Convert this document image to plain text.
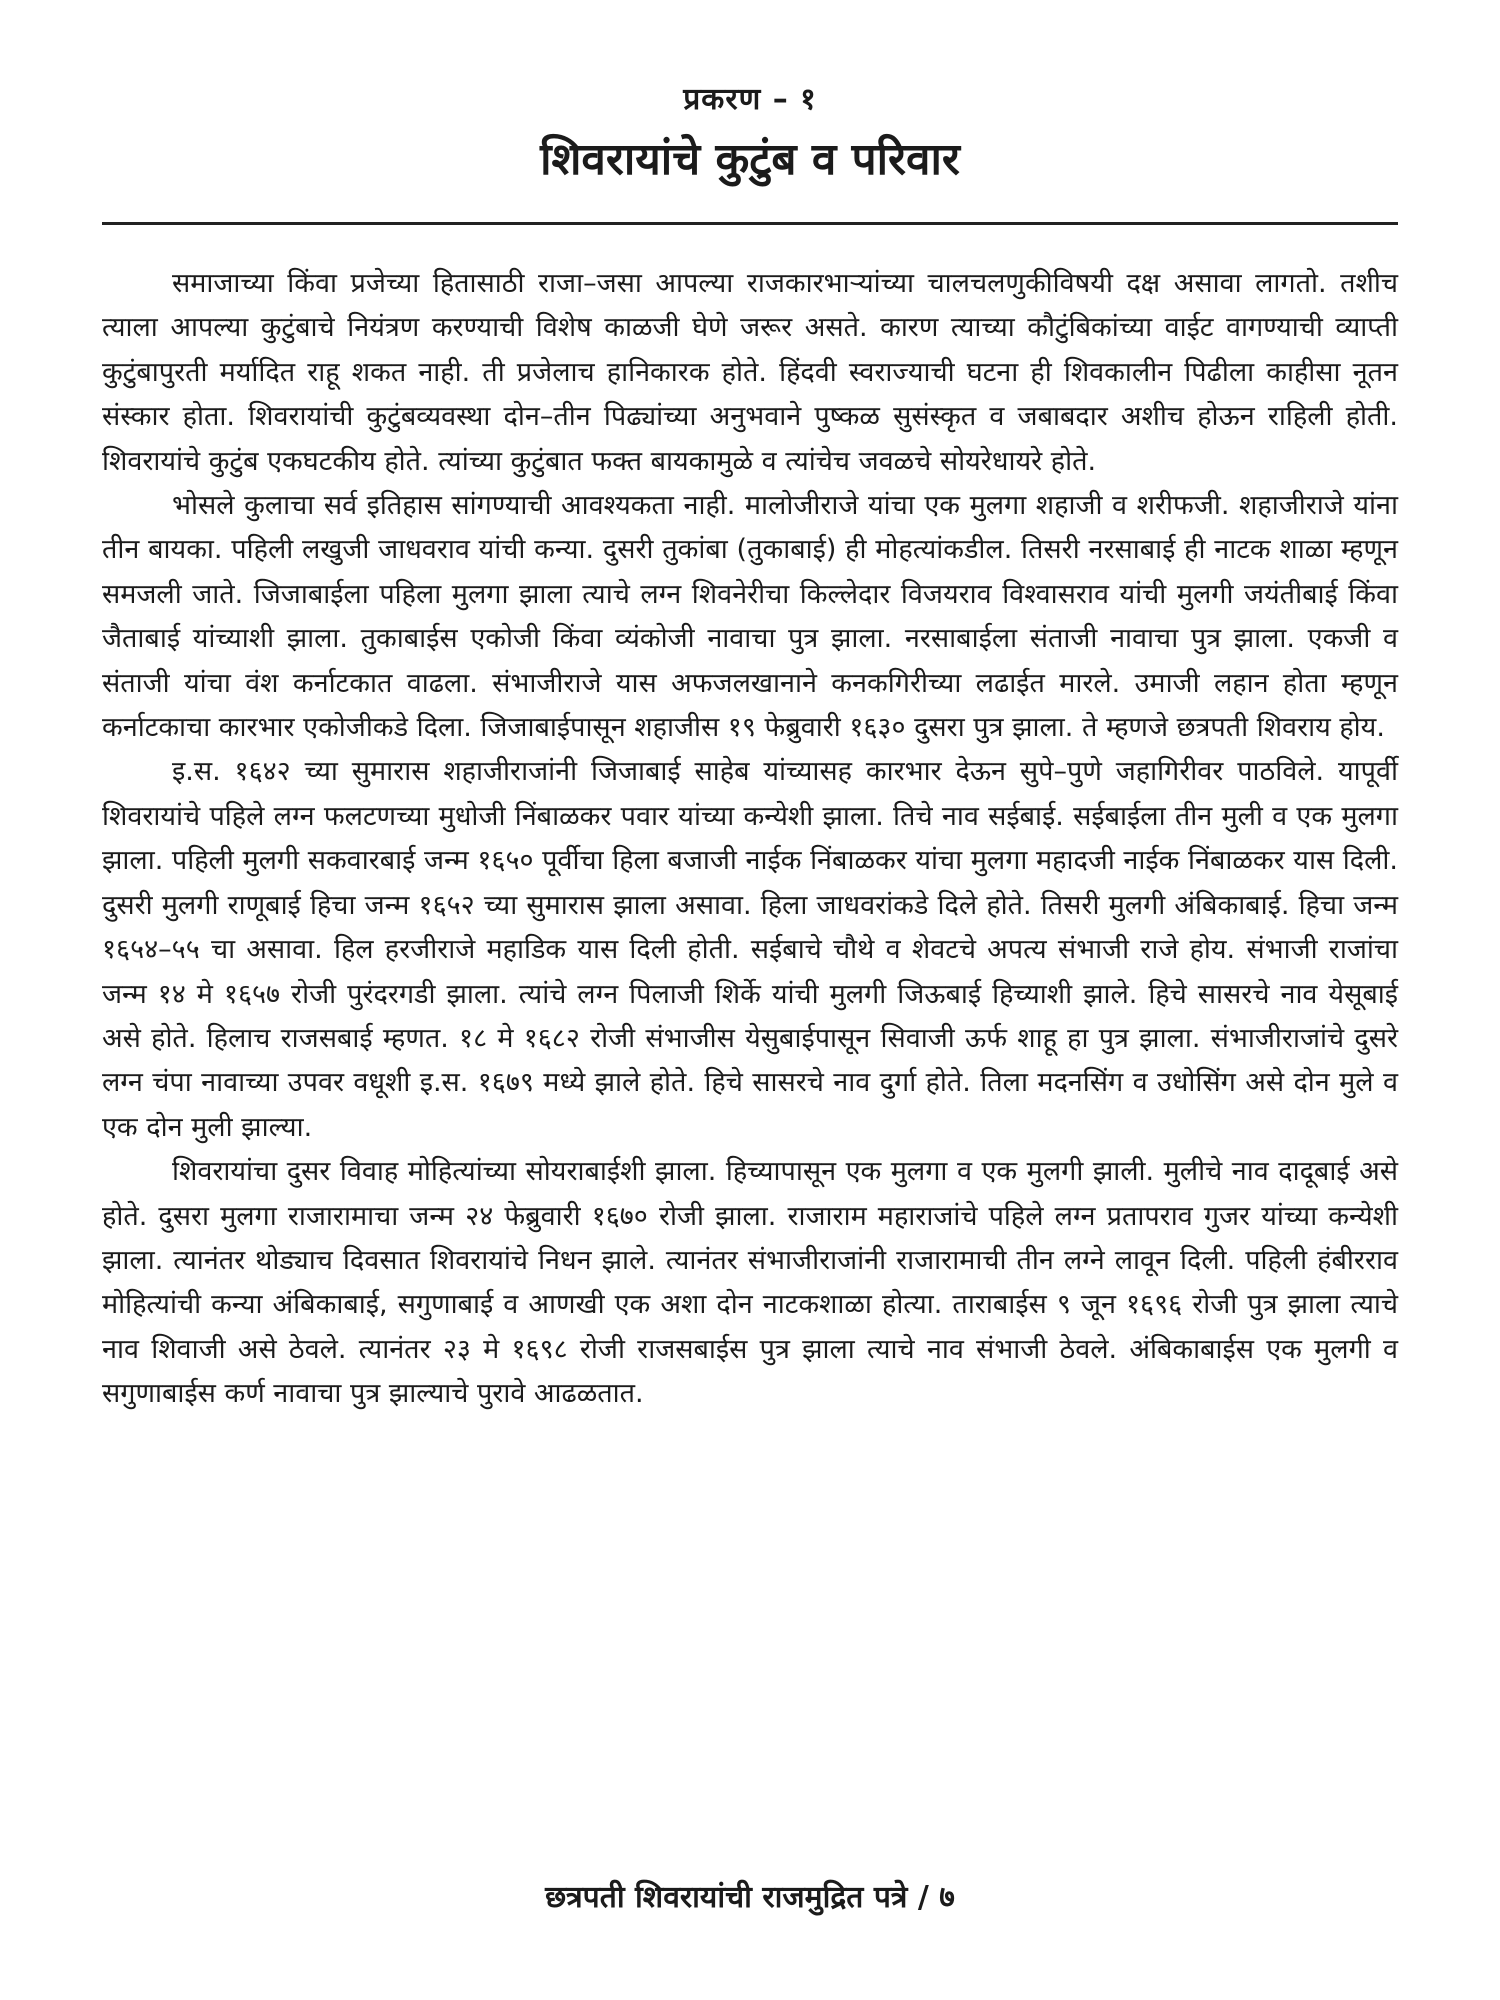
प्रकरण – १
शिवरायांचे कुटुंब व परिवार

समाजाच्या किंवा प्रजेच्या हितासाठी राजा–जसा आपल्या राजकारभाऱ्यांच्या चालचलणुकीविषयी दक्ष असावा लागतो. तशीच त्याला आपल्या कुटुंबाचे नियंत्रण करण्याची विशेष काळजी घेणे जरूर असते. कारण त्याच्या कौटुंबिकांच्या वाईट वागण्याची व्याप्ती कुटुंबापुरती मर्यादित राहू शकत नाही. ती प्रजेलाच हानिकारक होते. हिंदवी स्वराज्याची घटना ही शिवकालीन पिढीला काहीसा नूतन संस्कार होता. शिवरायांची कुटुंबव्यवस्था दोन–तीन पिढ्यांच्या अनुभवाने पुष्कळ सुसंस्कृत व जबाबदार अशीच होऊन राहिली होती. शिवरायांचे कुटुंब एकघटकीय होते. त्यांच्या कुटुंबात फक्त बायकामुळे व त्यांचेच जवळचे सोयरेधायरे होते.

भोसले कुलाचा सर्व इतिहास सांगण्याची आवश्यकता नाही. मालोजीराजे यांचा एक मुलगा शहाजी व शरीफजी. शहाजीराजे यांना तीन बायका. पहिली लखुजी जाधवराव यांची कन्या. दुसरी तुकांबा (तुकाबाई) ही मोहत्यांकडील. तिसरी नरसाबाई ही नाटक शाळा म्हणून समजली जाते. जिजाबाईला पहिला मुलगा झाला त्याचे लग्न शिवनेरीचा किल्लेदार विजयराव विश्वासराव यांची मुलगी जयंतीबाई किंवा जैताबाई यांच्याशी झाला. तुकाबाईस एकोजी किंवा व्यंकोजी नावाचा पुत्र झाला. नरसाबाईला संताजी नावाचा पुत्र झाला. एकजी व संताजी यांचा वंश कर्नाटकात वाढला. संभाजीराजे यास अफजलखानाने कनकगिरीच्या लढाईत मारले. उमाजी लहान होता म्हणून कर्नाटकाचा कारभार एकोजीकडे दिला. जिजाबाईपासून शहाजीस १९ फेब्रुवारी १६३० दुसरा पुत्र झाला. ते म्हणजे छत्रपती शिवराय होय.

इ.स. १६४२ च्या सुमारास शहाजीराजांनी जिजाबाई साहेब यांच्यासह कारभार देऊन सुपे–पुणे जहागिरीवर पाठविले. यापूर्वी शिवरायांचे पहिले लग्न फलटणच्या मुधोजी निंबाळकर पवार यांच्या कन्येशी झाला. तिचे नाव सईबाई. सईबाईला तीन मुली व एक मुलगा झाला. पहिली मुलगी सकवारबाई जन्म १६५० पूर्वीचा हिला बजाजी नाईक निंबाळकर यांचा मुलगा महादजी नाईक निंबाळकर यास दिली. दुसरी मुलगी राणूबाई हिचा जन्म १६५२ च्या सुमारास झाला असावा. हिला जाधवरांकडे दिले होते. तिसरी मुलगी अंबिकाबाई. हिचा जन्म १६५४–५५ चा असावा. हिल हरजीराजे महाडिक यास दिली होती. सईबाचे चौथे व शेवटचे अपत्य संभाजी राजे होय. संभाजी राजांचा जन्म १४ मे १६५७ रोजी पुरंदरगडी झाला. त्यांचे लग्न पिलाजी शिर्के यांची मुलगी जिऊबाई हिच्याशी झाले. हिचे सासरचे नाव येसूबाई असे होते. हिलाच राजसबाई म्हणत. १८ मे १६८२ रोजी संभाजीस येसुबाईपासून सिवाजी ऊर्फ शाहू हा पुत्र झाला. संभाजीराजांचे दुसरे लग्न चंपा नावाच्या उपवर वधूशी इ.स. १६७९ मध्ये झाले होते. हिचे सासरचे नाव दुर्गा होते. तिला मदनसिंग व उधोसिंग असे दोन मुले व एक दोन मुली झाल्या.

शिवरायांचा दुसर विवाह मोहित्यांच्या सोयराबाईशी झाला. हिच्यापासून एक मुलगा व एक मुलगी झाली. मुलीचे नाव दादूबाई असे होते. दुसरा मुलगा राजारामाचा जन्म २४ फेब्रुवारी १६७० रोजी झाला. राजाराम महाराजांचे पहिले लग्न प्रतापराव गुजर यांच्या कन्येशी झाला. त्यानंतर थोड्याच दिवसात शिवरायांचे निधन झाले. त्यानंतर संभाजीराजांनी राजारामाची तीन लग्ने लावून दिली. पहिली हंबीरराव मोहित्यांची कन्या अंबिकाबाई, सगुणाबाई व आणखी एक अशा दोन नाटकशाळा होत्या. ताराबाईस ९ जून १६९६ रोजी पुत्र झाला त्याचे नाव शिवाजी असे ठेवले. त्यानंतर २३ मे १६९८ रोजी राजसबाईस पुत्र झाला त्याचे नाव संभाजी ठेवले. अंबिकाबाईस एक मुलगी व सगुणाबाईस कर्ण नावाचा पुत्र झाल्याचे पुरावे आढळतात.

छत्रपती शिवरायांची राजमुद्रित पत्रे / ७
